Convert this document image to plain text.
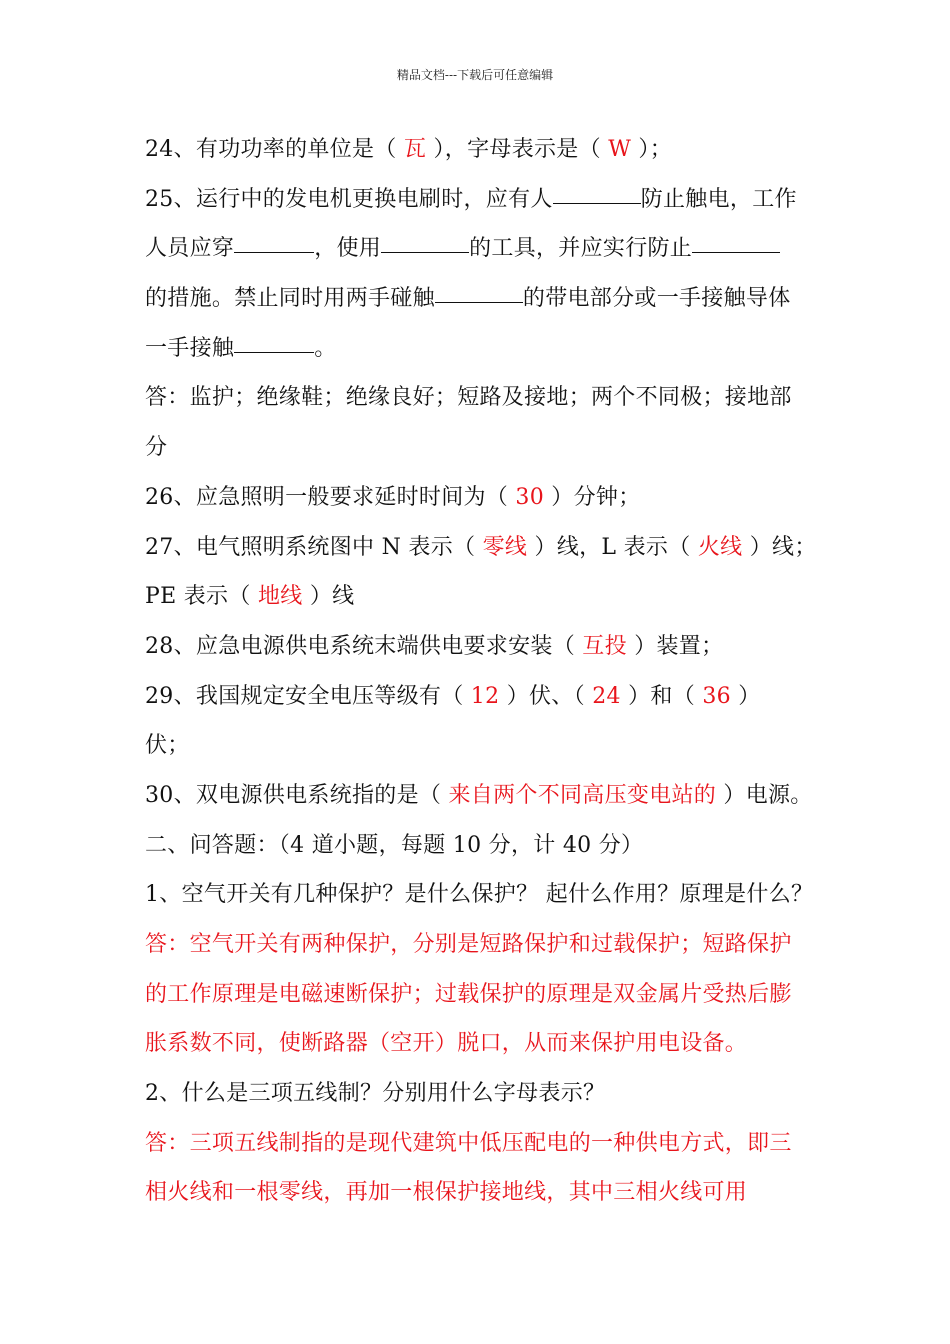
精品文档---下载后可任意编辑
24、有功功率的单位是（ 瓦 ），字母表示是（ W ）；
25、运行中的发电机更换电刷时，应有人	防止触电，工作
人员应穿	，使用	的工具，并应实行防止
的措施。禁止同时用两手碰触	的带电部分或一手接触导体
一手接触	。
答：监护；绝缘鞋；绝缘良好；短路及接地；两个不同极；接地部
分
26、应急照明一般要求延时时间为（ 30 ）分钟；
27、电气照明系统图中 N 表示（ 零线 ）线，L 表示（ 火线 ）线；
PE 表示（ 地线 ）线
28、应急电源供电系统末端供电要求安装（ 互投 ）装置；
29、我国规定安全电压等级有（ 12 ）伏、（ 24 ）和（ 36 ）
伏；
30、双电源供电系统指的是（ 来自两个不同高压变电站的 ）电源。
二、问答题：（4 道小题，每题 10 分，计 40 分）
1、空气开关有几种保护？是什么保护？ 起什么作用？原理是什么？
答：空气开关有两种保护，分别是短路保护和过载保护；短路保护
的工作原理是电磁速断保护；过载保护的原理是双金属片受热后膨
胀系数不同，使断路器（空开）脱口，从而来保护用电设备。
2、什么是三项五线制？分别用什么字母表示？
答：三项五线制指的是现代建筑中低压配电的一种供电方式，即三
相火线和一根零线，再加一根保护接地线，其中三相火线可用
